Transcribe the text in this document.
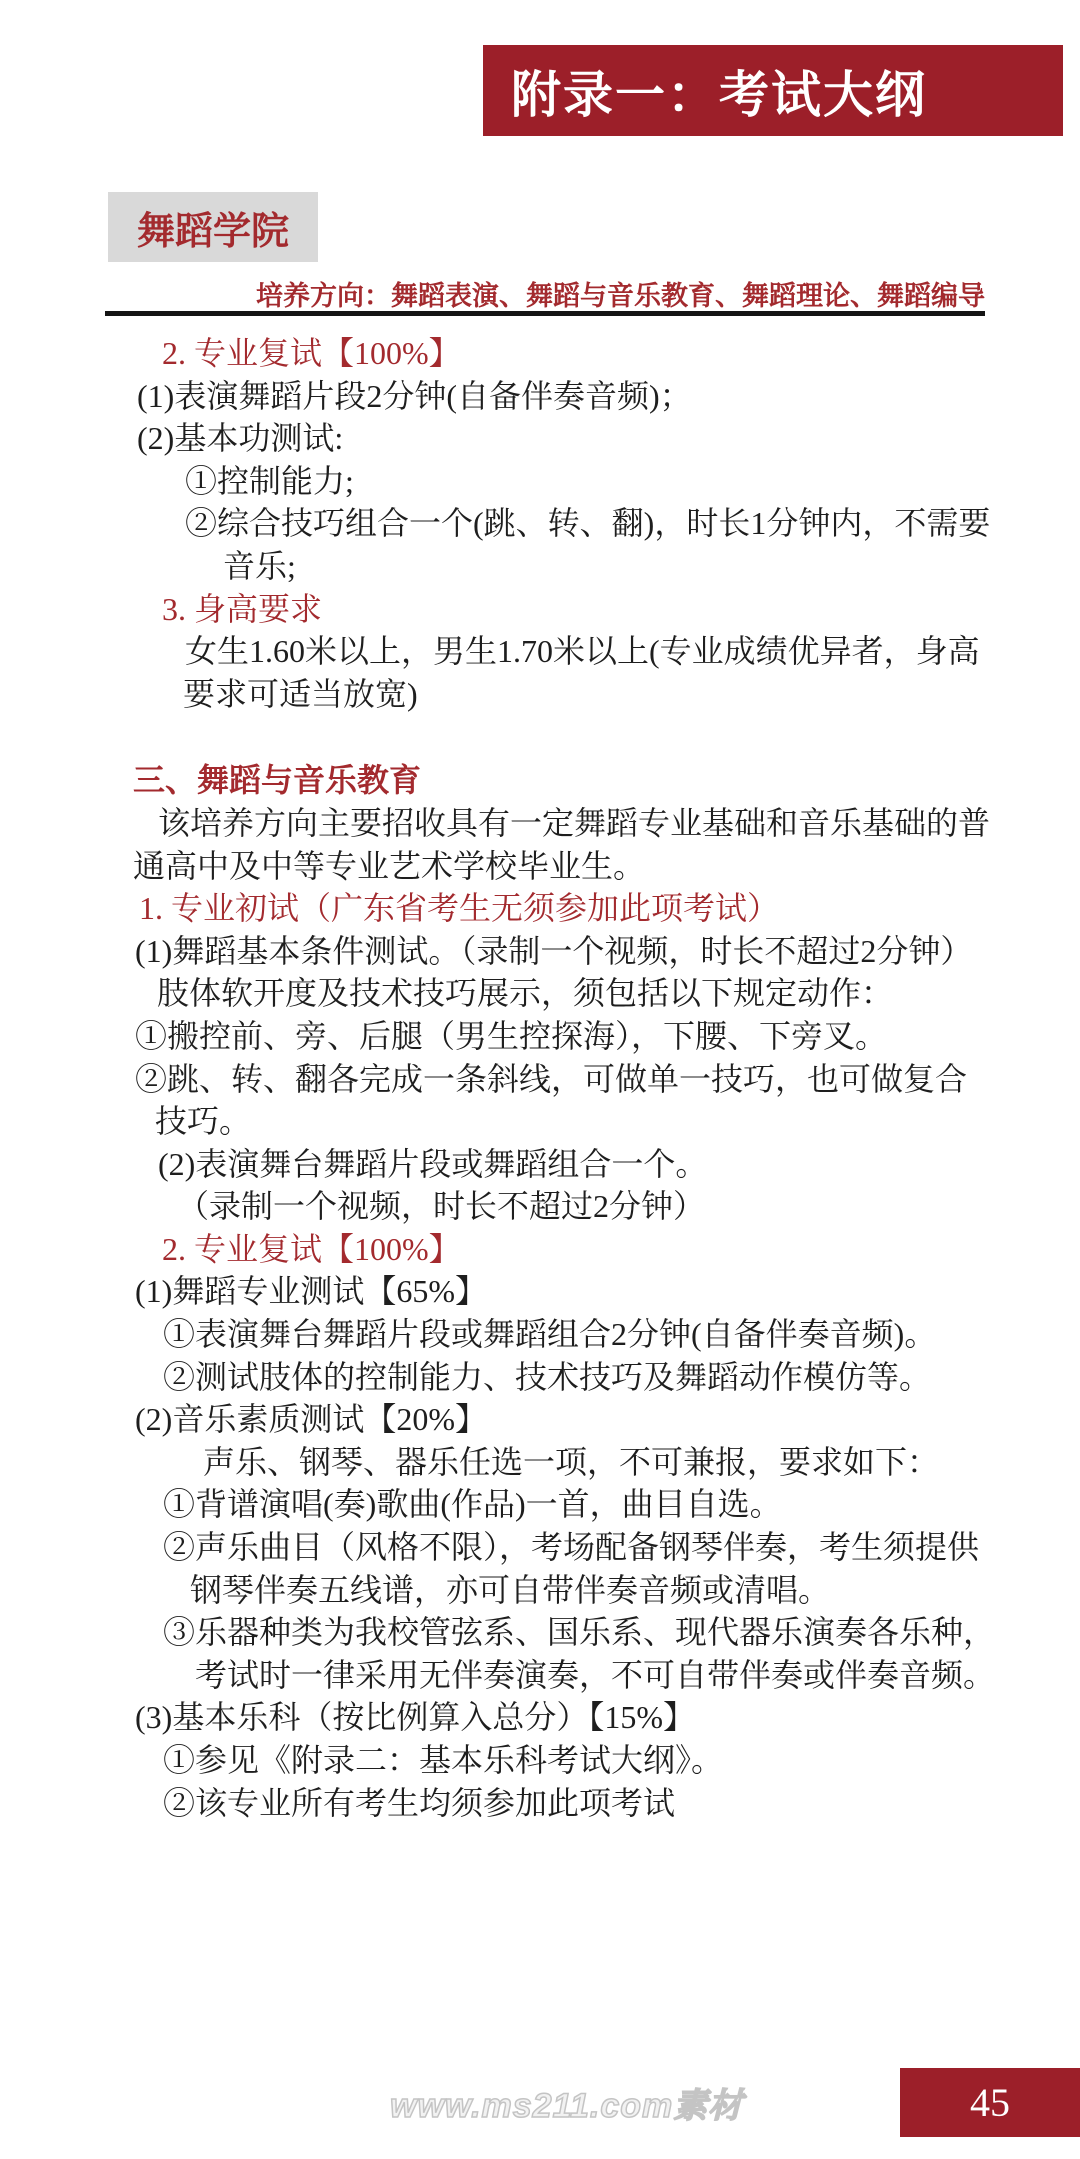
附录一：考试大纲
舞蹈学院
培养方向：舞蹈表演、舞蹈与音乐教育、舞蹈理论、舞蹈编导
2. 专业复试【100%】
(1)表演舞蹈片段2分钟(自备伴奏音频)；
(2)基本功测试:
①控制能力;
②综合技巧组合一个(跳、转、翻)，时长1分钟内，不需要
音乐;
3. 身高要求
女生1.60米以上，男生1.70米以上(专业成绩优异者，身高
要求可适当放宽)
三、舞蹈与音乐教育
该培养方向主要招收具有一定舞蹈专业基础和音乐基础的普
通高中及中等专业艺术学校毕业生。
1. 专业初试（广东省考生无须参加此项考试）
(1)舞蹈基本条件测试。（录制一个视频，时长不超过2分钟）
肢体软开度及技术技巧展示，须包括以下规定动作：
①搬控前、旁、后腿（男生控探海），下腰、下旁叉。
②跳、转、翻各完成一条斜线，可做单一技巧，也可做复合
技巧。
(2)表演舞台舞蹈片段或舞蹈组合一个。
（录制一个视频，时长不超过2分钟）
2. 专业复试【100%】
(1)舞蹈专业测试【65%】
①表演舞台舞蹈片段或舞蹈组合2分钟(自备伴奏音频)。
②测试肢体的控制能力、技术技巧及舞蹈动作模仿等。
(2)音乐素质测试【20%】
声乐、钢琴、器乐任选一项，不可兼报，要求如下：
①背谱演唱(奏)歌曲(作品)一首，曲目自选。
②声乐曲目（风格不限），考场配备钢琴伴奏，考生须提供
钢琴伴奏五线谱，亦可自带伴奏音频或清唱。
③乐器种类为我校管弦系、国乐系、现代器乐演奏各乐种，
考试时一律采用无伴奏演奏，不可自带伴奏或伴奏音频。
(3)基本乐科（按比例算入总分）【15%】
①参见《附录二：基本乐科考试大纲》。
②该专业所有考生均须参加此项考试
www.ms211.com素材	45
